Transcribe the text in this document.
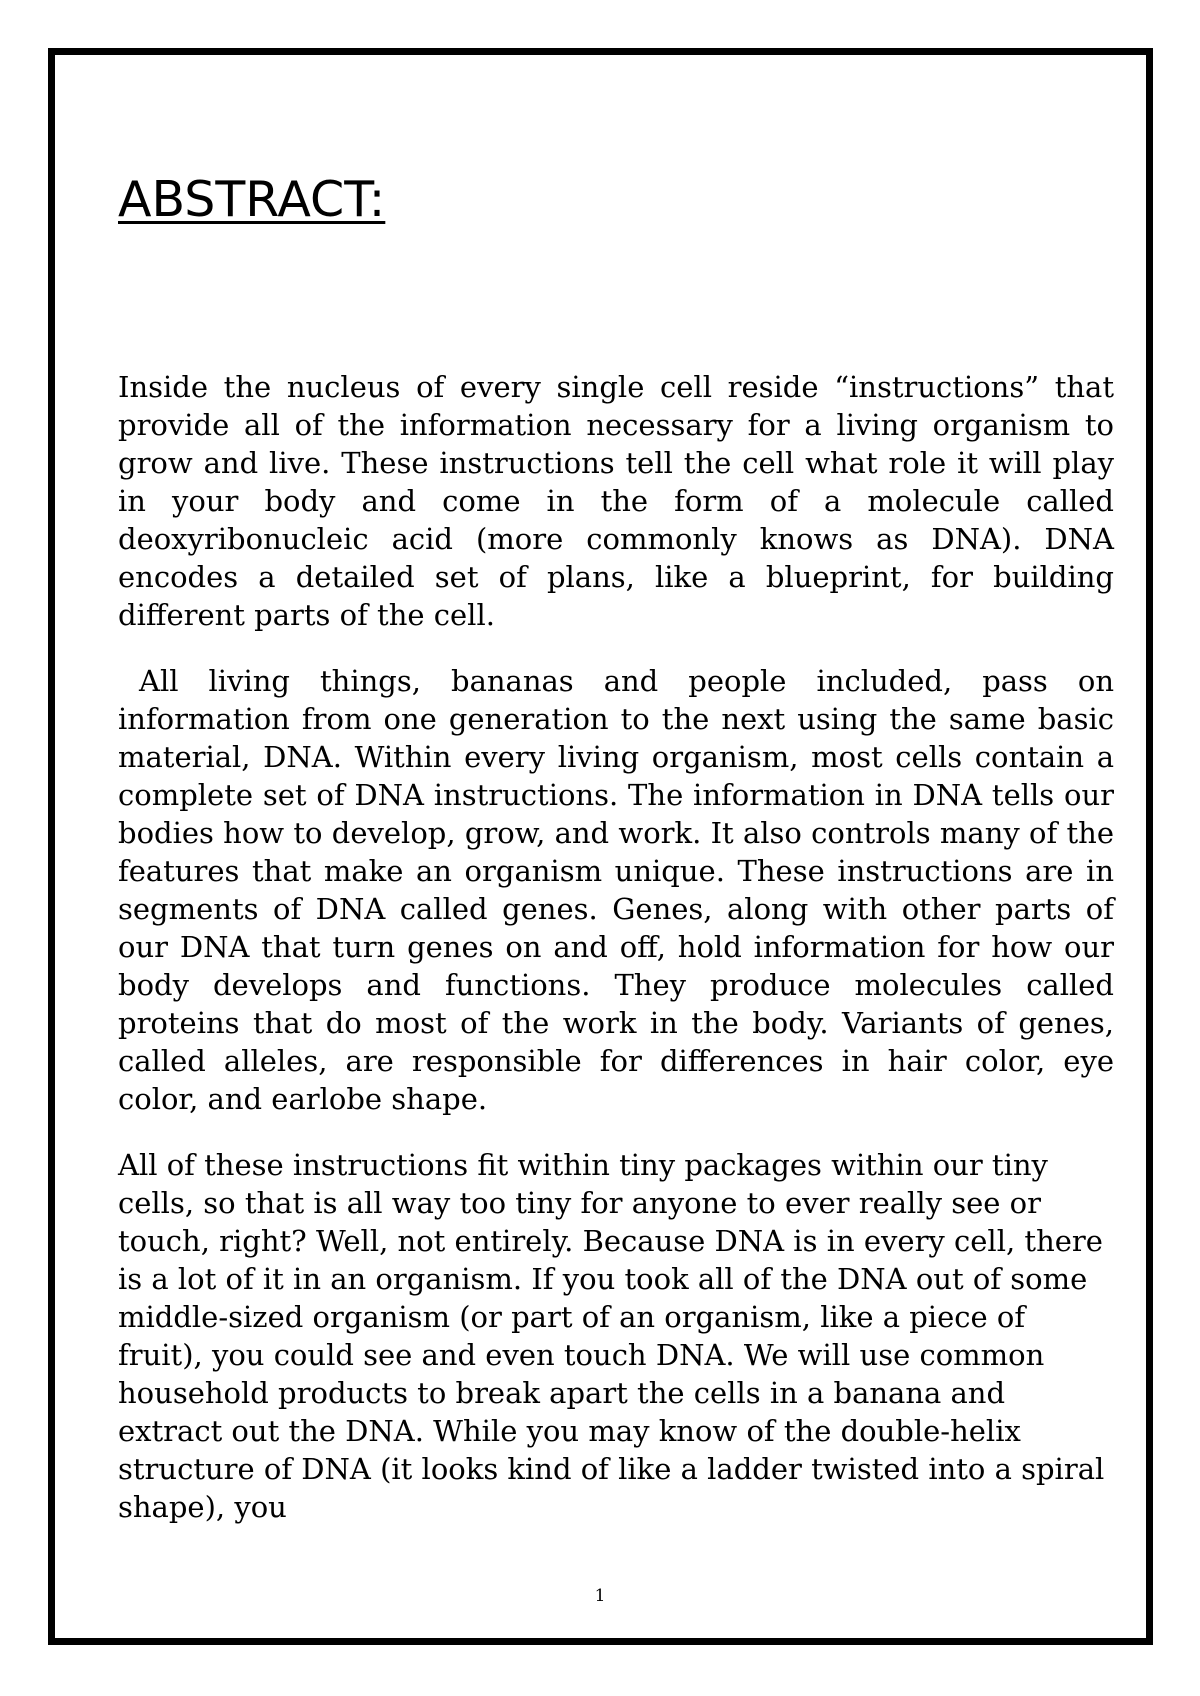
ABSTRACT:

Inside the nucleus of every single cell reside “instructions” that provide all of the information necessary for a living organism to grow and live. These instructions tell the cell what role it will play in your body and come in the form of a molecule called deoxyribonucleic acid (more commonly knows as DNA). DNA encodes a detailed set of plans, like a blueprint, for building different parts of the cell.

All living things, bananas and people included, pass on information from one generation to the next using the same basic material, DNA. Within every living organism, most cells contain a complete set of DNA instructions. The information in DNA tells our bodies how to develop, grow, and work. It also controls many of the features that make an organism unique. These instructions are in segments of DNA called genes. Genes, along with other parts of our DNA that turn genes on and off, hold information for how our body develops and functions. They produce molecules called proteins that do most of the work in the body. Variants of genes, called alleles, are responsible for differences in hair color, eye color, and earlobe shape.

All of these instructions fit within tiny packages within our tiny cells, so that is all way too tiny for anyone to ever really see or touch, right? Well, not entirely. Because DNA is in every cell, there is a lot of it in an organism. If you took all of the DNA out of some middle-sized organism (or part of an organism, like a piece of fruit), you could see and even touch DNA. We will use common household products to break apart the cells in a banana and extract out the DNA. While you may know of the double-helix structure of DNA (it looks kind of like a ladder twisted into a spiral shape), you

1
